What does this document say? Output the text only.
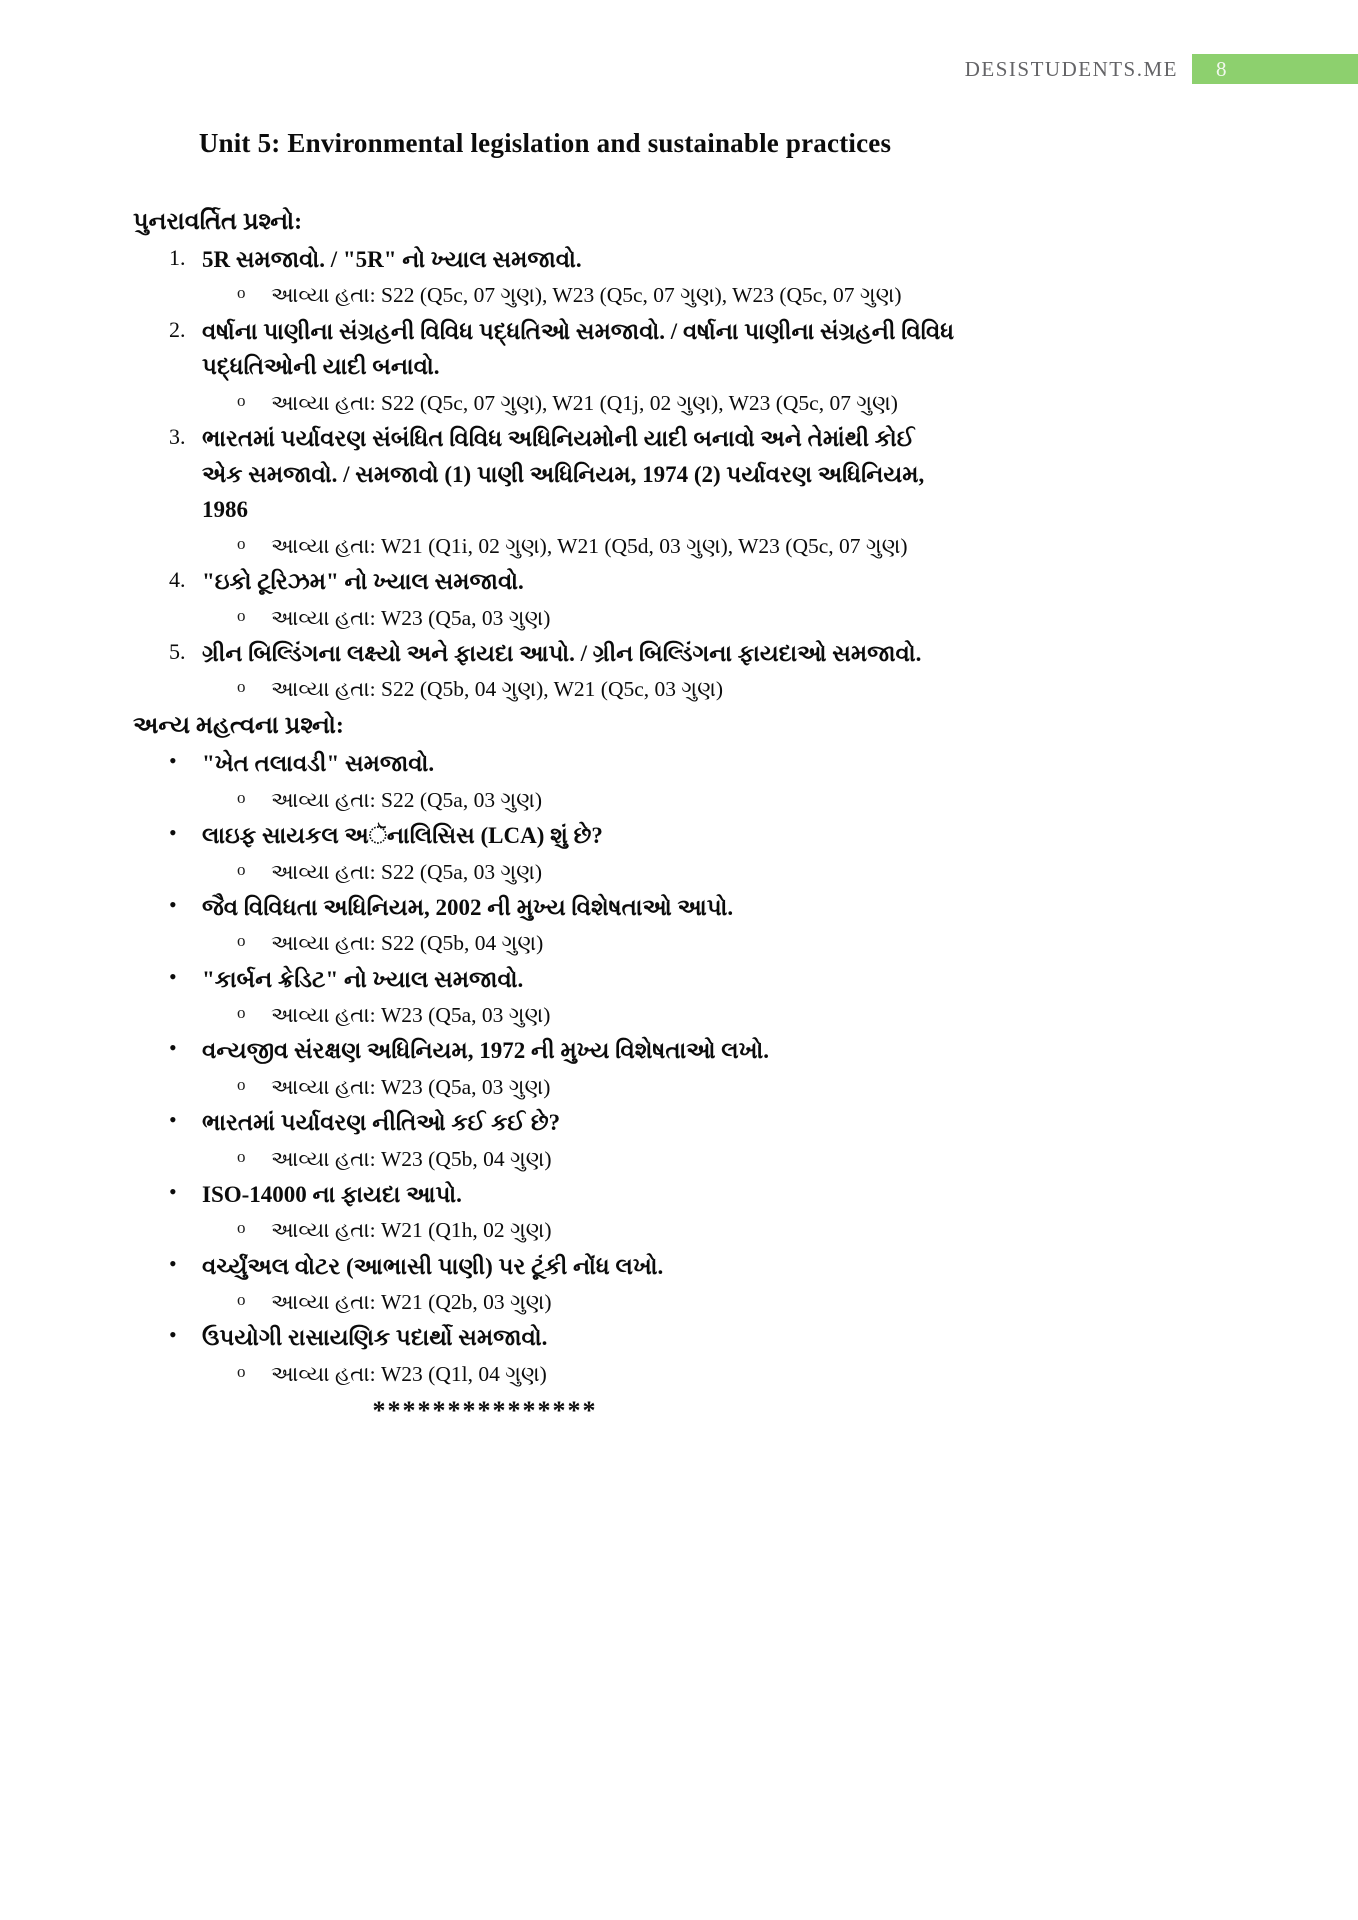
DESISTUDENTS.ME	8
Unit 5: Environmental legislation and sustainable practices
પુનરાવર્તિત પ્રશ્નો:
1. 5R સમજાવો. / "5R" નો ખ્યાલ સમજાવો.
o	આવ્યા હતા: S22 (Q5c, 07 ગુણ), W23 (Q5c, 07 ગુણ), W23 (Q5c, 07 ગુણ)
2. વર્ષાના પાણીના સંગ્રહની વિવિધ પદ્ધતિઓ સમજાવો. / વર્ષાના પાણીના સંગ્રહની વિવિધ પદ્ધતિઓની યાદી બનાવો.
o	આવ્યા હતા: S22 (Q5c, 07 ગુણ), W21 (Q1j, 02 ગુણ), W23 (Q5c, 07 ગુણ)
3. ભારતમાં પર્યાવરણ સંબંધિત વિવિધ અધિનિયમોની યાદી બનાવો અને તેમાંથી કોઈ એક સમજાવો. / સમજાવો (1) પાણી અધિનિયમ, 1974 (2) પર્યાવરણ અધિનિયમ, 1986
o	આવ્યા હતા: W21 (Q1i, 02 ગુણ), W21 (Q5d, 03 ગુણ), W23 (Q5c, 07 ગુણ)
4. "ઇકો ટૂરિઝમ" નો ખ્યાલ સમજાવો.
o	આવ્યા હતા: W23 (Q5a, 03 ગુણ)
5. ગ્રીન બિલ્ડિંગના લક્ષ્યો અને ફાયદા આપો. / ગ્રીન બિલ્ડિંગના ફાયદાઓ સમજાવો.
o	આવ્યા હતા: S22 (Q5b, 04 ગુણ), W21 (Q5c, 03 ગુણ)
અન્ય મહત્વના પ્રશ્નો:
•	"ખેત તલાવડી" સમજાવો.
o	આવ્યા હતા: S22 (Q5a, 03 ગુણ)
•	લાઇફ સાયકલ અૅનાલિસિસ (LCA) શું છે?
o	આવ્યા હતા: S22 (Q5a, 03 ગુણ)
•	જૈવ વિવિધતા અધિનિયમ, 2002 ની મુખ્ય વિશેષતાઓ આપો.
o	આવ્યા હતા: S22 (Q5b, 04 ગુણ)
•	"કાર્બન ક્રેડિટ" નો ખ્યાલ સમજાવો.
o	આવ્યા હતા: W23 (Q5a, 03 ગુણ)
•	વન્યજીવ સંરક્ષણ અધિનિયમ, 1972 ની મુખ્ય વિશેષતાઓ લખો.
o	આવ્યા હતા: W23 (Q5a, 03 ગુણ)
•	ભારતમાં પર્યાવરણ નીતિઓ કઈ કઈ છે?
o	આવ્યા હતા: W23 (Q5b, 04 ગુણ)
•	ISO-14000 ના ફાયદા આપો.
o	આવ્યા હતા: W21 (Q1h, 02 ગુણ)
•	વર્ચ્યુંઅલ વોટર (આભાસી પાણી) પર ટૂંકી નોંધ લખો.
o	આવ્યા હતા: W21 (Q2b, 03 ગુણ)
•	ઉપયોગી રાસાયણિક પદાર્થો સમજાવો.
o	આવ્યા હતા: W23 (Q1l, 04 ગુણ)
***************
